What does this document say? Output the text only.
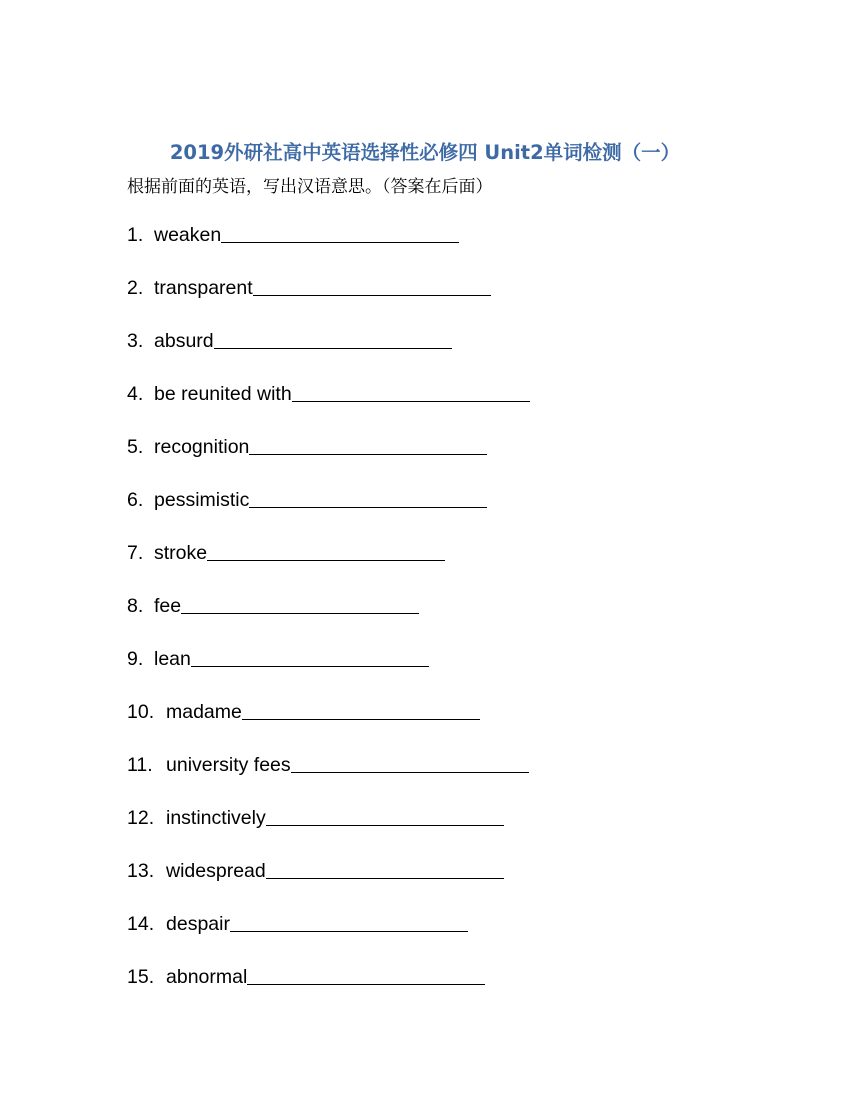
2019外研社高中英语选择性必修四 Unit2单词检测（一）
根据前面的英语，写出汉语意思。（答案在后面）
1. weaken
2. transparent
3. absurd
4. be reunited with
5. recognition
6. pessimistic
7. stroke
8. fee
9. lean
10. madame
11. university fees
12. instinctively
13. widespread
14. despair
15. abnormal
